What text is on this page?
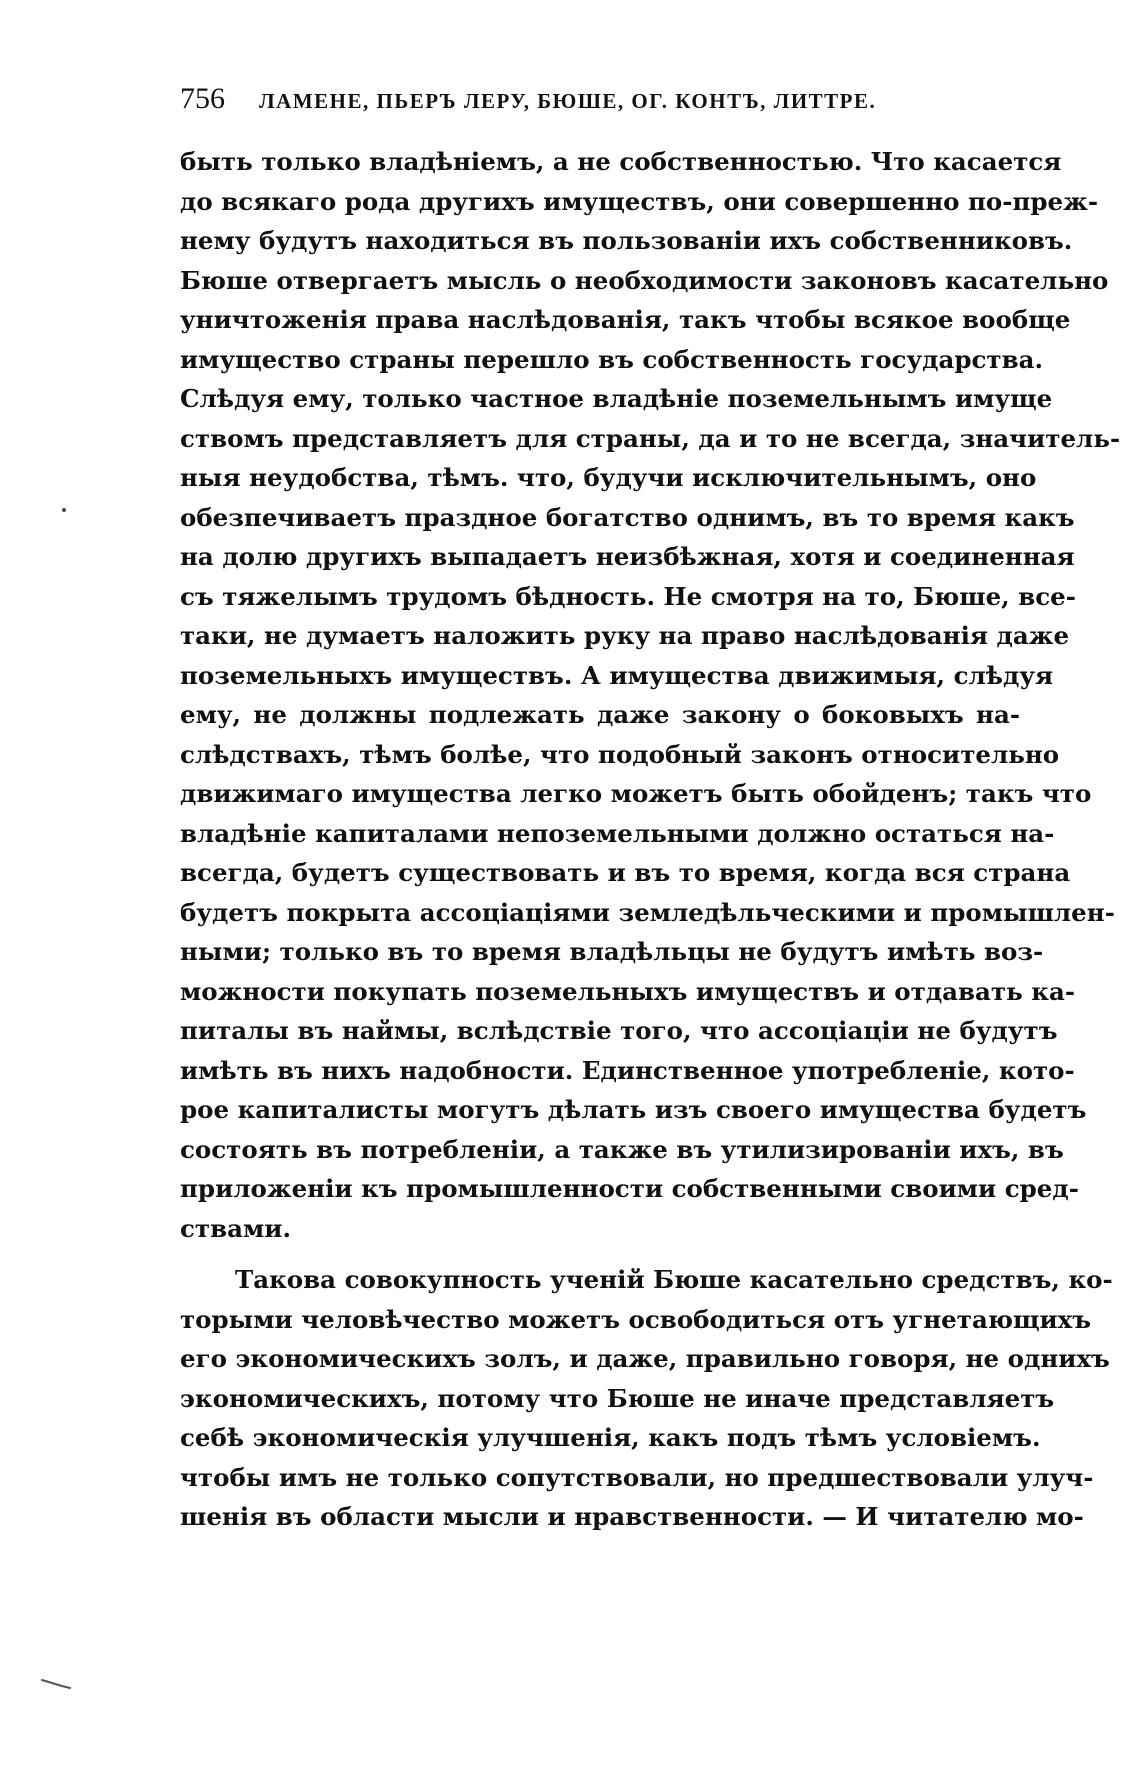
756 ЛАМЕНЕ, ПЬЕРЪ ЛЕРУ, БЮШЕ, ОГ. КОНТЪ, ЛИТТРЕ.
быть только владѣніемъ, а не собственностью. Что касается
до всякаго рода другихъ имуществъ, они совершенно по-преж-
нему будутъ находиться въ пользованіи ихъ собственниковъ.
Бюше отвергаетъ мысль о необходимости законовъ касательно
уничтоженія права наслѣдованія, такъ чтобы всякое вообще
имущество страны перешло въ собственность государства.
Слѣдуя ему, только частное владѣніе поземельнымъ имуще
ствомъ представляетъ для страны, да и то не всегда, значитель-
ныя неудобства, тѣмъ. что, будучи исключительнымъ, оно
обезпечиваетъ праздное богатство однимъ, въ то время какъ
на долю другихъ выпадаетъ неизбѣжная, хотя и соединенная
съ тяжелымъ трудомъ бѣдность. Не смотря на то, Бюше, все-
таки, не думаетъ наложить руку на право наслѣдованія даже
поземельныхъ имуществъ. А имущества движимыя, слѣдуя
ему, не должны подлежать даже закону о боковыхъ на-
слѣдствахъ, тѣмъ болѣе, что подобный законъ относительно
движимаго имущества легко можетъ быть обойденъ; такъ что
владѣніе капиталами непоземельными должно остаться на-
всегда, будетъ существовать и въ то время, когда вся страна
будетъ покрыта ассоціаціями земледѣльческими и промышлен-
ными; только въ то время владѣльцы не будутъ имѣть воз-
можности покупать поземельныхъ имуществъ и отдавать ка-
питалы въ наймы, вслѣдствіе того, что ассоціаціи не будутъ
имѣть въ нихъ надобности. Единственное употребленіе, кото-
рое капиталисты могутъ дѣлать изъ своего имущества будетъ
состоять въ потребленіи, а также въ утилизированіи ихъ, въ
приложеніи къ промышленности собственными своими сред-
ствами.
Такова совокупность ученій Бюше касательно средствъ, ко-
торыми человѣчество можетъ освободиться отъ угнетающихъ
его экономическихъ золъ, и даже, правильно говоря, не однихъ
экономическихъ, потому что Бюше не иначе представляетъ
себѣ экономическія улучшенія, какъ подъ тѣмъ условіемъ.
чтобы имъ не только сопутствовали, но предшествовали улуч-
шенія въ области мысли и нравственности. — И читателю мо-
